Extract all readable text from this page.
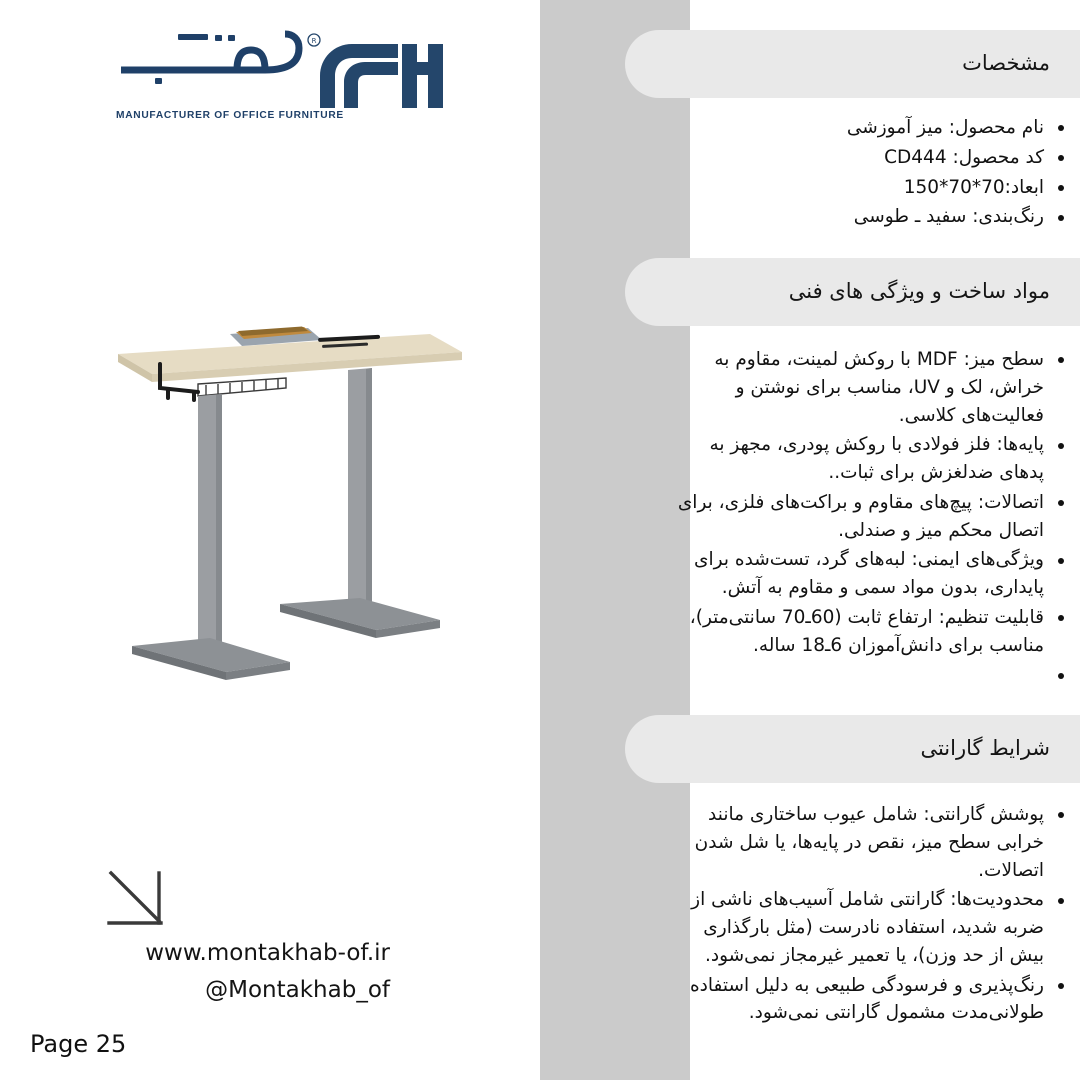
R
MANUFACTURER OF OFFICE FURNITURE
www.montakhab-of.ir
@Montakhab_of
Page 25
مشخصات
نام محصول: میز آموزشی
کد محصول: CD444
ابعاد:70*70*150
رنگ‌بندی: سفید ـ طوسی
مواد ساخت و ویژگی های فنی
سطح میز: MDF با روکش لمینت، مقاوم به خراش، لک و UV، مناسب برای نوشتن و فعالیت‌های کلاسی.
پایه‌ها: فلز فولادی با روکش پودری، مجهز به پدهای ضدلغزش برای ثبات..
اتصالات: پیچ‌های مقاوم و براکت‌های فلزی، برای اتصال محکم میز و صندلی.
ویژگی‌های ایمنی: لبه‌های گرد، تست‌شده برای پایداری، بدون مواد سمی و مقاوم به آتش.
قابلیت تنظیم: ارتفاع ثابت (60ـ70 سانتی‌متر)، مناسب برای دانش‌آموزان 6ـ18 ساله.
شرایط گارانتی
پوشش گارانتی: شامل عیوب ساختاری مانند خرابی سطح میز، نقص در پایه‌ها، یا شل شدن اتصالات.
محدودیت‌ها: گارانتی شامل آسیب‌های ناشی از ضربه شدید، استفاده نادرست (مثل بارگذاری بیش از حد وزن)، یا تعمیر غیرمجاز نمی‌شود.
رنگ‌پذیری و فرسودگی طبیعی به دلیل استفاده طولانی‌مدت مشمول گارانتی نمی‌شود.
